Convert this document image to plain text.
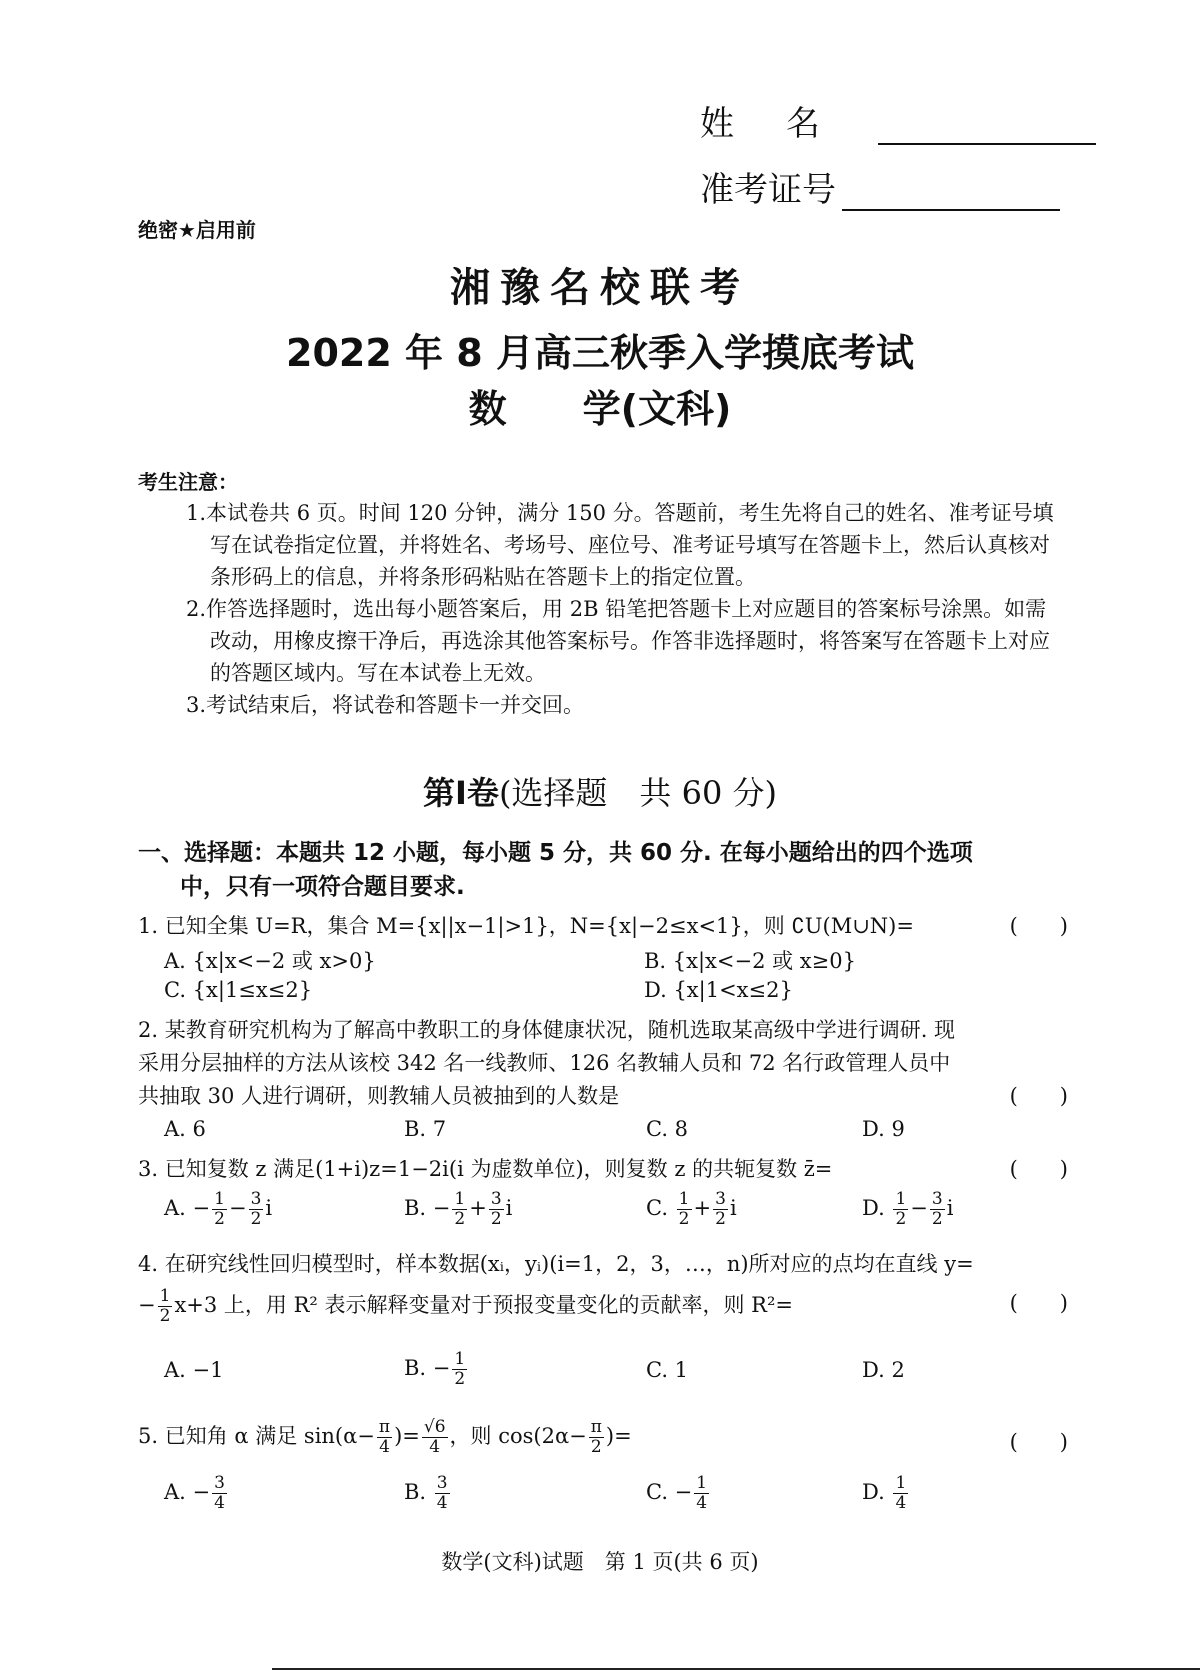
姓名
准考证号
绝密★启用前
湘豫名校联考
2022 年 8 月高三秋季入学摸底考试
数　　学(文科)
考生注意：
1.本试卷共 6 页。时间 120 分钟，满分 150 分。答题前，考生先将自己的姓名、准考证号填写在试卷指定位置，并将姓名、考场号、座位号、准考证号填写在答题卡上，然后认真核对条形码上的信息，并将条形码粘贴在答题卡上的指定位置。
2.作答选择题时，选出每小题答案后，用 2B 铅笔把答题卡上对应题目的答案标号涂黑。如需改动，用橡皮擦干净后，再选涂其他答案标号。作答非选择题时，将答案写在答题卡上对应的答题区域内。写在本试卷上无效。
3.考试结束后，将试卷和答题卡一并交回。
第Ⅰ卷(选择题　共 60 分)
一、选择题：本题共 12 小题，每小题 5 分，共 60 分. 在每小题给出的四个选项
中，只有一项符合题目要求.
1. 已知全集 U=R，集合 M={x||x−1|>1}，N={x|−2≤x<1}，则 ∁U(M∪N)=	(　　)
A. {x|x<−2 或 x>0}	B. {x|x<−2 或 x≥0}
C. {x|1≤x≤2}	D. {x|1<x≤2}
2. 某教育研究机构为了解高中教职工的身体健康状况，随机选取某高级中学进行调研. 现
采用分层抽样的方法从该校 342 名一线教师、126 名教辅人员和 72 名行政管理人员中
共抽取 30 人进行调研，则教辅人员被抽到的人数是	(　　)
A. 6	B. 7	C. 8	D. 9
3. 已知复数 z 满足(1+i)z=1−2i(i 为虚数单位)，则复数 z 的共轭复数 z̄=	(　　)
A. − $\frac{1}{2} - \frac{3}{2}$ i	B. − $\frac{1}{2} + \frac{3}{2}$ i	C. $\frac{1}{2} + \frac{3}{2}$ i	D. $\frac{1}{2} - \frac{3}{2}$ i
4. 在研究线性回归模型时，样本数据(xᵢ，yᵢ)(i=1，2，3，…，n)所对应的点均在直线 y=
− $\frac{1}{2} x+3$ 上，用 R² 表示解释变量对于预报变量变化的贡献率，则 R²=	(　　)
A. −1	B. − $\frac{1}{2}$	C. 1	D. 2
5. 已知角 α 满足 $\sin(\alpha- \frac{\pi}{4}$ )= $\frac{√6}{4}$ ，则 $\cos(2\alpha- \frac{\pi}{2}$ )=	(　　)
A. − $\frac{3}{4}$	B. $\frac{3}{4}$	C. − $\frac{1}{4}$	D. $\frac{1}{4}$
数学(文科)试题　第 1 页(共 6 页)
